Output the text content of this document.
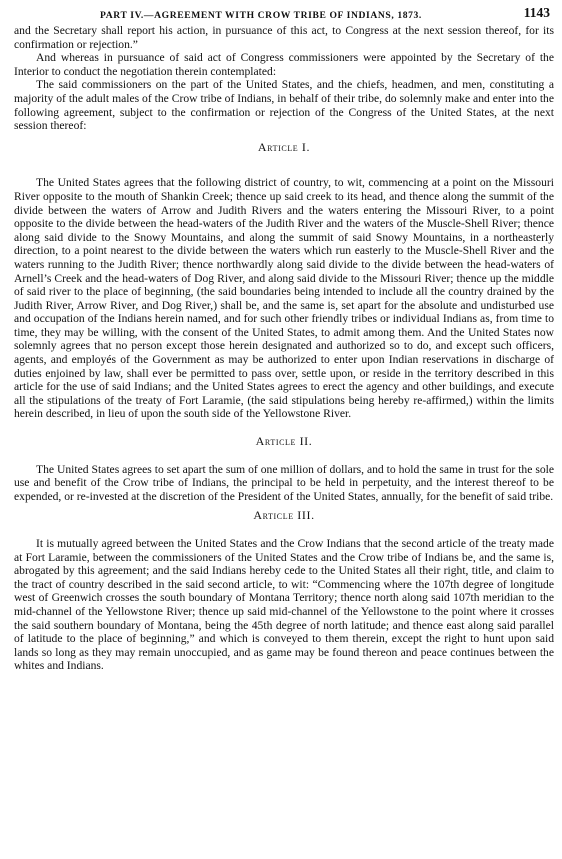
PART IV.—AGREEMENT WITH CROW TRIBE OF INDIANS, 1873.	1143

and the Secretary shall report his action, in pursuance of this act, to Congress at the next session thereof, for its confirmation or rejection.”

And whereas in pursuance of said act of Congress commissioners were appointed by the Secretary of the Interior to conduct the negotiation therein contemplated:

The said commissioners on the part of the United States, and the chiefs, headmen, and men, constituting a majority of the adult males of the Crow tribe of Indians, in behalf of their tribe, do solemnly make and enter into the following agreement, subject to the confirmation or rejection of the Congress of the United States, at the next session thereof:

Article I.

The United States agrees that the following district of country, to wit, commencing at a point on the Missouri River opposite to the mouth of Shankin Creek; thence up said creek to its head, and thence along the summit of the divide between the waters of Arrow and Judith Rivers and the waters entering the Missouri River, to a point opposite to the divide between the head-waters of the Judith River and the waters of the Muscle-Shell River; thence along said divide to the Snowy Mountains, and along the summit of said Snowy Mountains, in a northeasterly direction, to a point nearest to the divide between the waters which run easterly to the Muscle-Shell River and the waters running to the Judith River; thence northwardly along said divide to the divide between the head-waters of Arnell’s Creek and the head-waters of Dog River, and along said divide to the Missouri River; thence up the middle of said river to the place of beginning, (the said boundaries being intended to include all the country drained by the Judith River, Arrow River, and Dog River,) shall be, and the same is, set apart for the absolute and undisturbed use and occupation of the Indians herein named, and for such other friendly tribes or individual Indians as, from time to time, they may be willing, with the consent of the United States, to admit among them. And the United States now solemnly agrees that no person except those herein designated and authorized so to do, and except such officers, agents, and employés of the Government as may be authorized to enter upon Indian reservations in discharge of duties enjoined by law, shall ever be permitted to pass over, settle upon, or reside in the territory described in this article for the use of said Indians; and the United States agrees to erect the agency and other buildings, and execute all the stipulations of the treaty of Fort Laramie, (the said stipulations being hereby re-affirmed,) within the limits herein described, in lieu of upon the south side of the Yellowstone River.

Article II.

The United States agrees to set apart the sum of one million of dollars, and to hold the same in trust for the sole use and benefit of the Crow tribe of Indians, the principal to be held in perpetuity, and the interest thereof to be expended, or re-invested at the discretion of the President of the United States, annually, for the benefit of said tribe.

Article III.

It is mutually agreed between the United States and the Crow Indians that the second article of the treaty made at Fort Laramie, between the commissioners of the United States and the Crow tribe of Indians be, and the same is, abrogated by this agreement; and the said Indians hereby cede to the United States all their right, title, and claim to the tract of country described in the said second article, to wit: “Commencing where the 107th degree of longitude west of Greenwich crosses the south boundary of Montana Territory; thence north along said 107th meridian to the mid-channel of the Yellowstone River; thence up said mid-channel of the Yellowstone to the point where it crosses the said southern boundary of Montana, being the 45th degree of north latitude; and thence east along said parallel of latitude to the place of beginning,” and which is conveyed to them therein, except the right to hunt upon said lands so long as they may remain unoccupied, and as game may be found thereon and peace continues between the whites and Indians.
